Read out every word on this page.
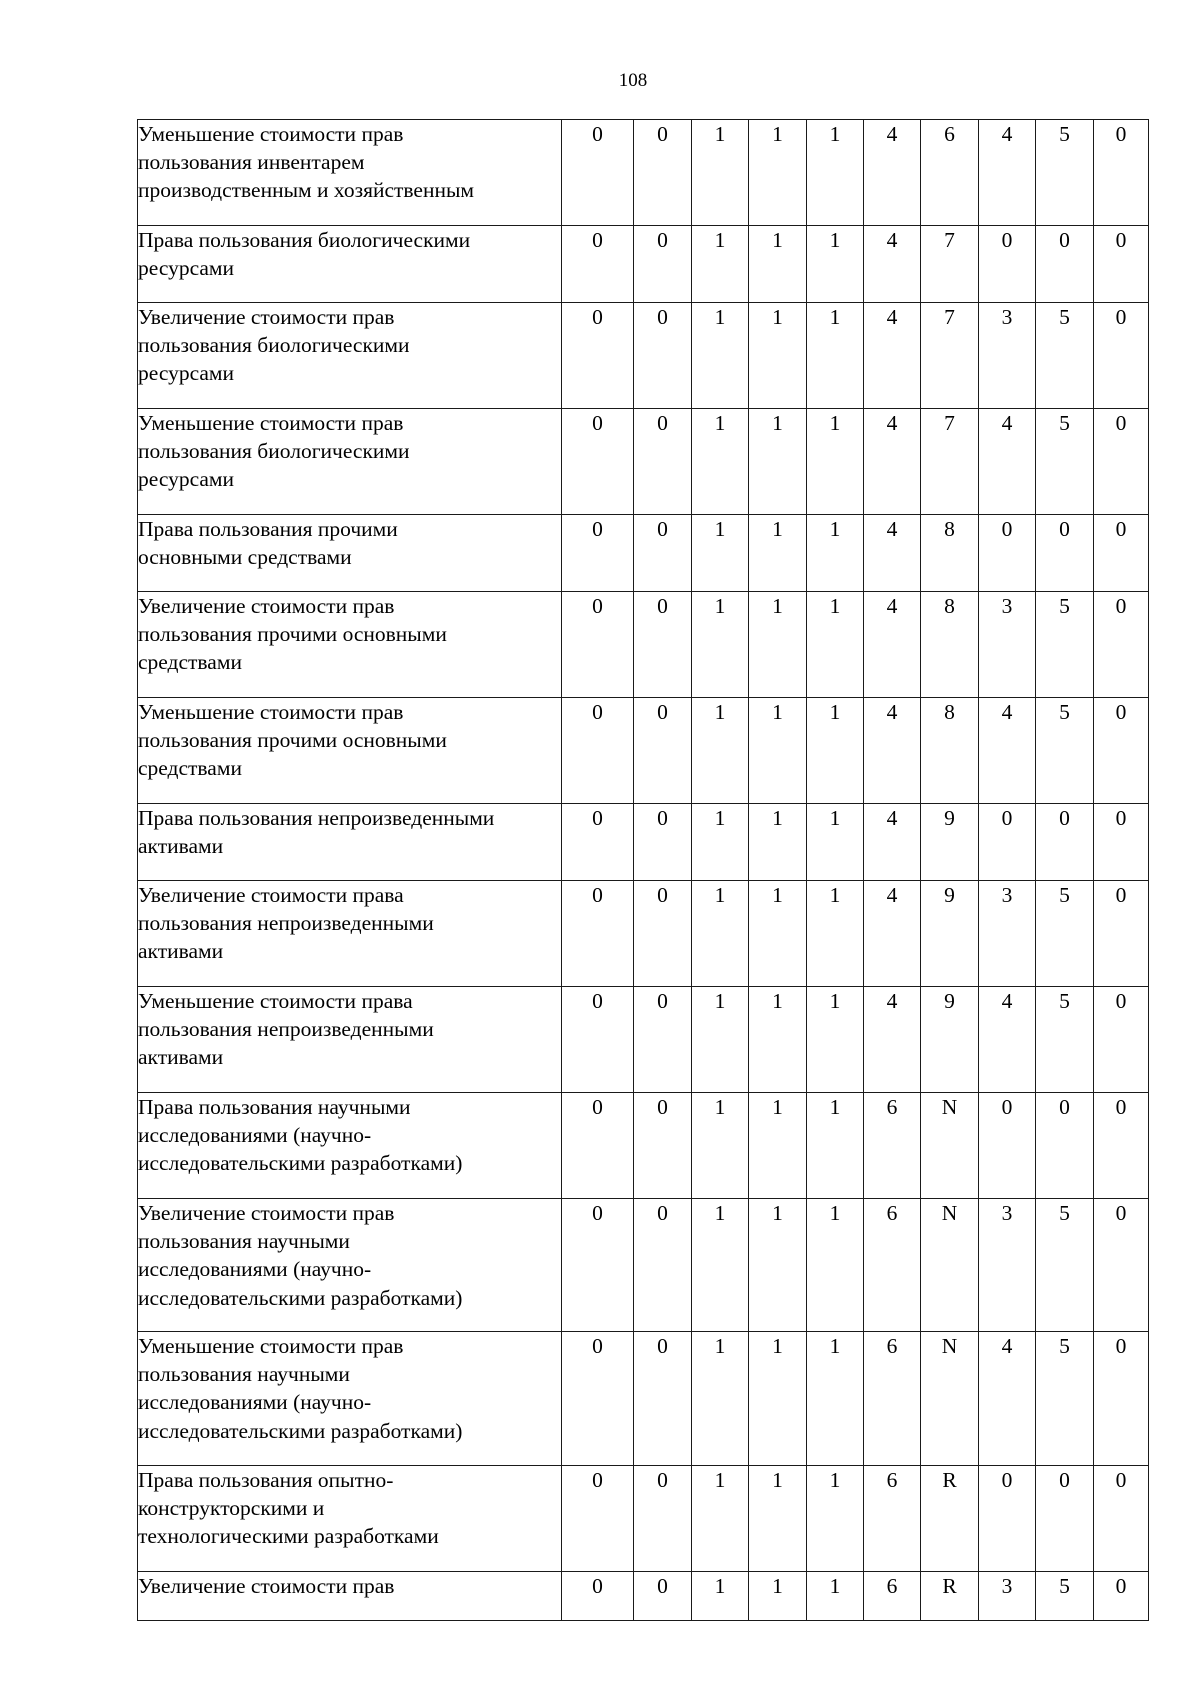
108
Уменьшение стоимости прав
пользования инвентарем
производственным и хозяйственным	0	0	1	1	1	4	6	4	5	0

Права пользования биологическими
ресурсами	0	0	1	1	1	4	7	0	0	0

Увеличение стоимости прав
пользования биологическими
ресурсами	0	0	1	1	1	4	7	3	5	0

Уменьшение стоимости прав
пользования биологическими
ресурсами	0	0	1	1	1	4	7	4	5	0

Права пользования прочими
основными средствами	0	0	1	1	1	4	8	0	0	0

Увеличение стоимости прав
пользования прочими основными
средствами	0	0	1	1	1	4	8	3	5	0

Уменьшение стоимости прав
пользования прочими основными
средствами	0	0	1	1	1	4	8	4	5	0

Права пользования непроизведенными
активами	0	0	1	1	1	4	9	0	0	0

Увеличение стоимости права
пользования непроизведенными
активами	0	0	1	1	1	4	9	3	5	0

Уменьшение стоимости права
пользования непроизведенными
активами	0	0	1	1	1	4	9	4	5	0

Права пользования научными
исследованиями (научно-
исследовательскими разработками)	0	0	1	1	1	6	N	0	0	0

Увеличение стоимости прав
пользования научными
исследованиями (научно-
исследовательскими разработками)	0	0	1	1	1	6	N	3	5	0

Уменьшение стоимости прав
пользования научными
исследованиями (научно-
исследовательскими разработками)	0	0	1	1	1	6	N	4	5	0

Права пользования опытно-
конструкторскими и
технологическими разработками	0	0	1	1	1	6	R	0	0	0

Увеличение стоимости прав	0	0	1	1	1	6	R	3	5	0
